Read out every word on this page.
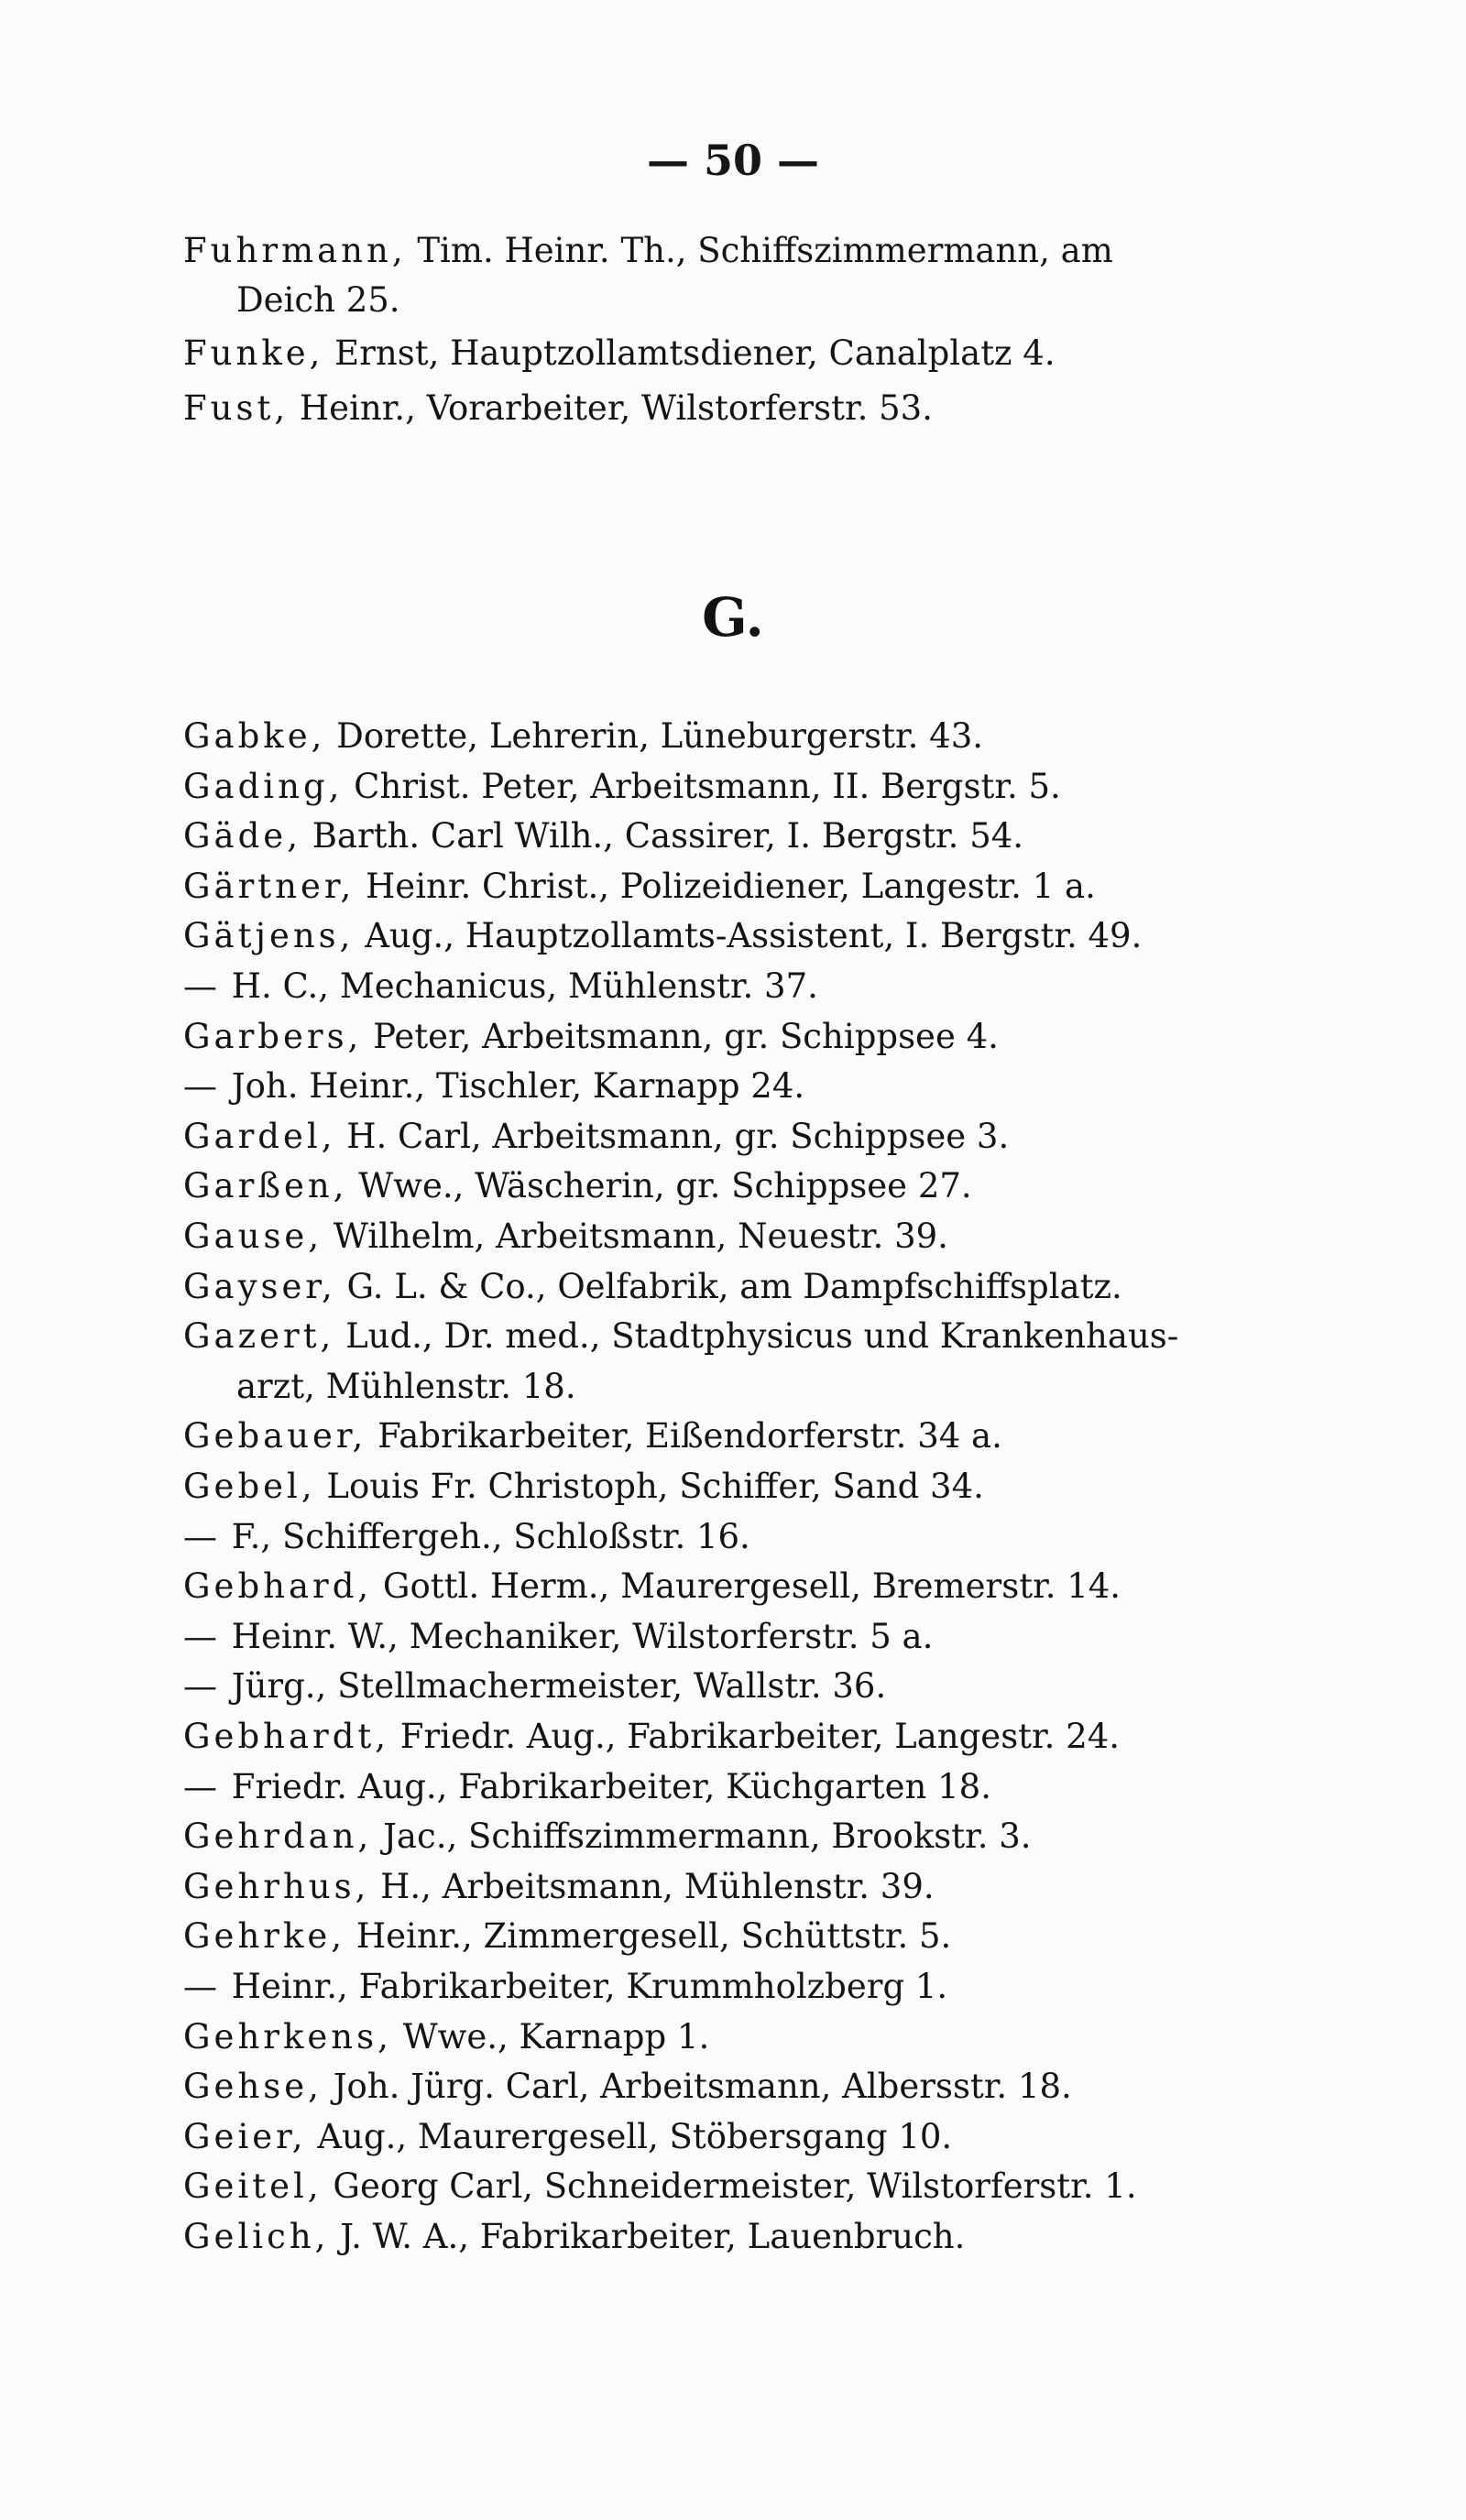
— 50 —
Fuhrmann, Tim. Heinr. Th., Schiffszimmermann, am
Deich 25.
Funke, Ernst, Hauptzollamtsdiener, Canalplatz 4.
Fust, Heinr., Vorarbeiter, Wilstorferstr. 53.
Gabke, Dorette, Lehrerin, Lüneburgerstr. 43.
Gading, Christ. Peter, Arbeitsmann, II. Bergstr. 5.
Gäde, Barth. Carl Wilh., Cassirer, I. Bergstr. 54.
Gärtner, Heinr. Christ., Polizeidiener, Langestr. 1 a.
Gätjens, Aug., Hauptzollamts-Assistent, I. Bergstr. 49.
— H. C., Mechanicus, Mühlenstr. 37.
Garbers, Peter, Arbeitsmann, gr. Schippsee 4.
— Joh. Heinr., Tischler, Karnapp 24.
Gardel, H. Carl, Arbeitsmann, gr. Schippsee 3.
Garßen, Wwe., Wäscherin, gr. Schippsee 27.
Gause, Wilhelm, Arbeitsmann, Neuestr. 39.
Gayser, G. L. & Co., Oelfabrik, am Dampfschiffsplatz.
Gazert, Lud., Dr. med., Stadtphysicus und Krankenhaus-
arzt, Mühlenstr. 18.
Gebauer, Fabrikarbeiter, Eißendorferstr. 34 a.
Gebel, Louis Fr. Christoph, Schiffer, Sand 34.
— F., Schiffergeh., Schloßstr. 16.
Gebhard, Gottl. Herm., Maurergesell, Bremerstr. 14.
— Heinr. W., Mechaniker, Wilstorferstr. 5 a.
— Jürg., Stellmachermeister, Wallstr. 36.
Gebhardt, Friedr. Aug., Fabrikarbeiter, Langestr. 24.
— Friedr. Aug., Fabrikarbeiter, Küchgarten 18.
Gehrdan, Jac., Schiffszimmermann, Brookstr. 3.
Gehrhus, H., Arbeitsmann, Mühlenstr. 39.
Gehrke, Heinr., Zimmergesell, Schüttstr. 5.
— Heinr., Fabrikarbeiter, Krummholzberg 1.
Gehrkens, Wwe., Karnapp 1.
Gehse, Joh. Jürg. Carl, Arbeitsmann, Albersstr. 18.
Geier, Aug., Maurergesell, Stöbersgang 10.
Geitel, Georg Carl, Schneidermeister, Wilstorferstr. 1.
Gelich, J. W. A., Fabrikarbeiter, Lauenbruch.
G.
